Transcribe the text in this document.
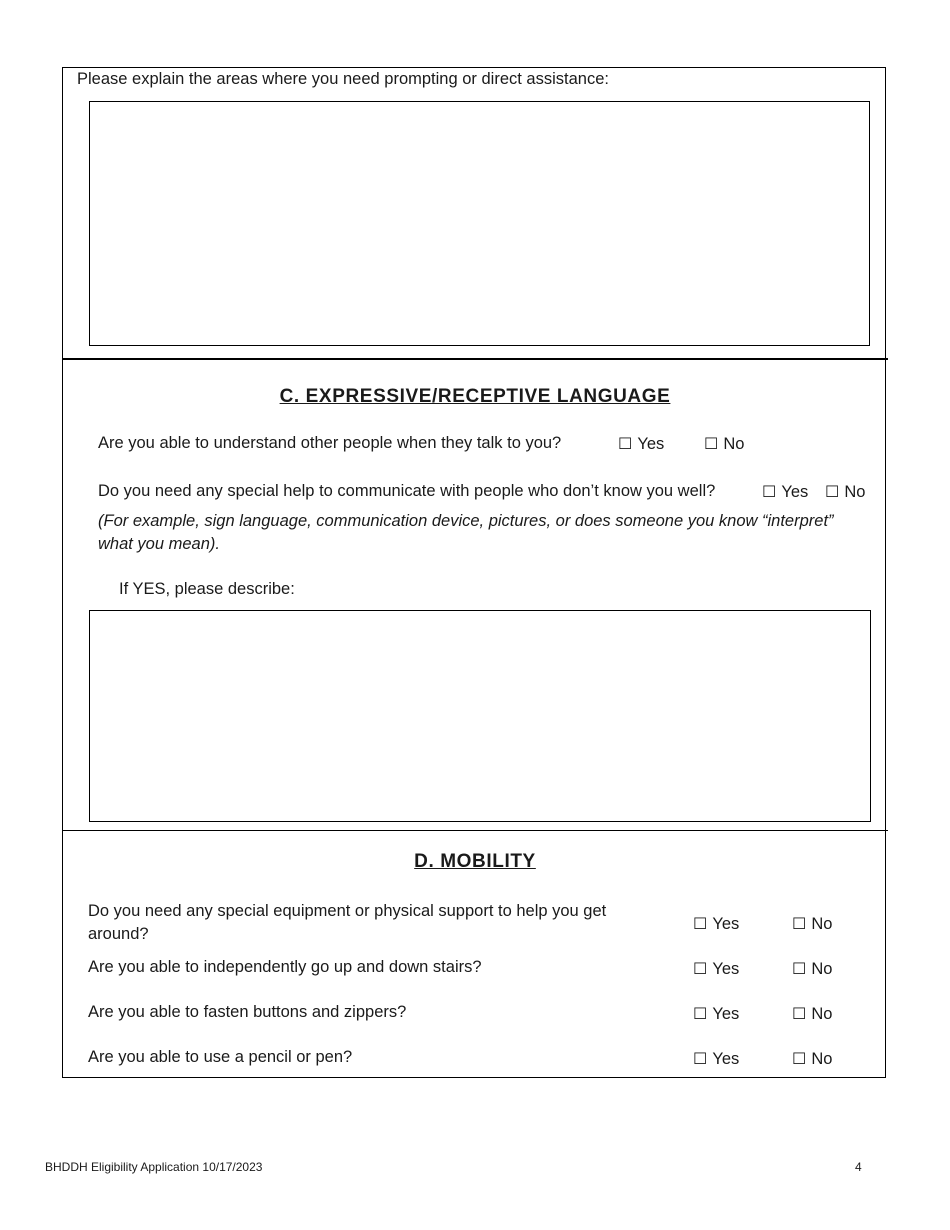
Please explain the areas where you need prompting or direct assistance:
C. EXPRESSIVE/RECEPTIVE LANGUAGE
Are you able to understand other people when they talk to you?	☐ Yes ☐ No
Do you need any special help to communicate with people who don’t know you well?	☐ Yes ☐ No
(For example, sign language, communication device, pictures, or does someone you know “interpret”
what you mean).
If YES, please describe:
D. MOBILITY
Do you need any special equipment or physical support to help you get
around?
☐ Yes	☐ No
Are you able to independently go up and down stairs?	☐ Yes	☐ No
Are you able to fasten buttons and zippers?	☐ Yes	☐ No
Are you able to use a pencil or pen?	☐ Yes	☐ No
BHDDH Eligibility Application 10/17/2023	4
